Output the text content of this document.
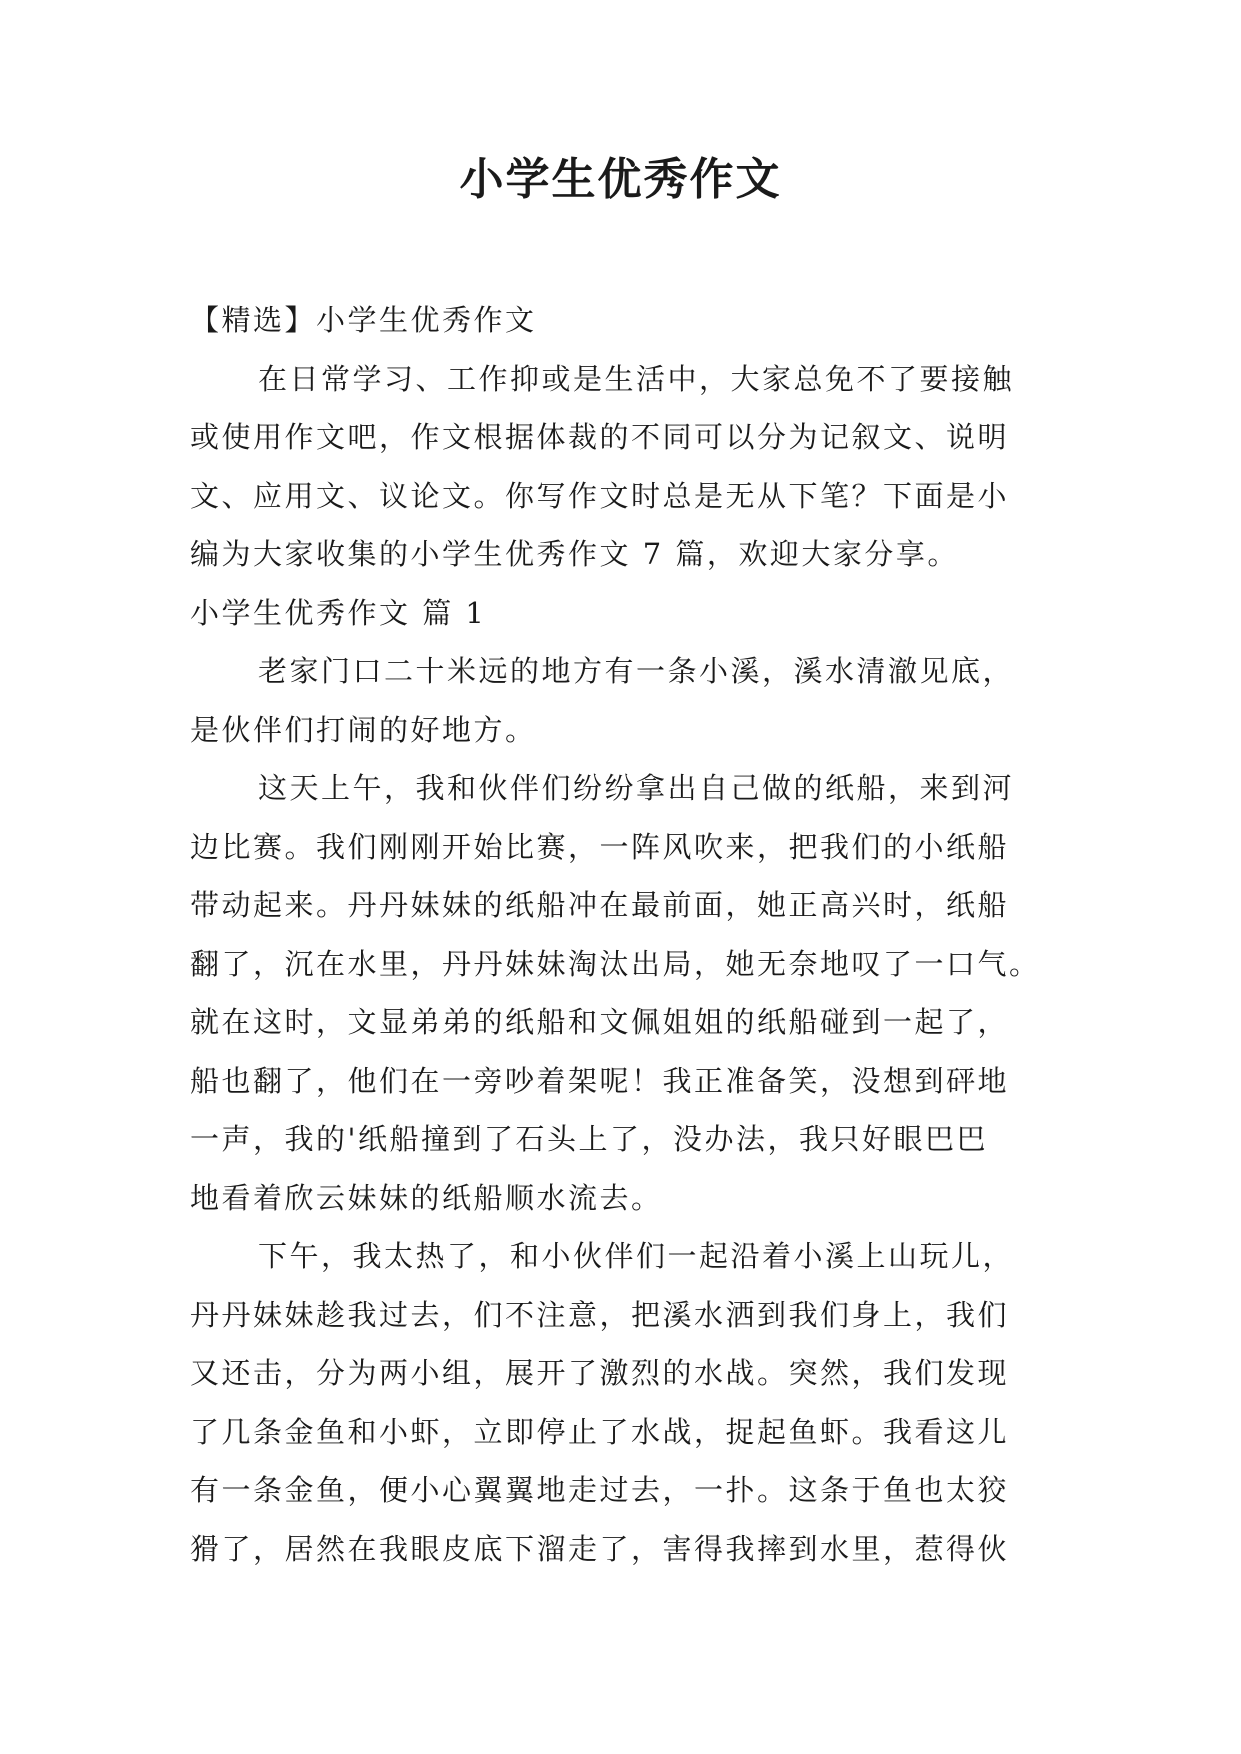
小学生优秀作文
【精选】小学生优秀作文
在日常学习、工作抑或是生活中，大家总免不了要接触
或使用作文吧，作文根据体裁的不同可以分为记叙文、说明
文、应用文、议论文。你写作文时总是无从下笔？下面是小
编为大家收集的小学生优秀作文 7 篇，欢迎大家分享。
小学生优秀作文 篇 1
老家门口二十米远的地方有一条小溪，溪水清澈见底，
是伙伴们打闹的好地方。
这天上午，我和伙伴们纷纷拿出自己做的纸船，来到河
边比赛。我们刚刚开始比赛，一阵风吹来，把我们的小纸船
带动起来。丹丹妹妹的纸船冲在最前面，她正高兴时，纸船
翻了，沉在水里，丹丹妹妹淘汰出局，她无奈地叹了一口气。
就在这时，文显弟弟的纸船和文佩姐姐的纸船碰到一起了，
船也翻了，他们在一旁吵着架呢！我正准备笑，没想到砰地
一声，我的'纸船撞到了石头上了，没办法，我只好眼巴巴
地看着欣云妹妹的纸船顺水流去。
下午，我太热了，和小伙伴们一起沿着小溪上山玩儿，
丹丹妹妹趁我过去，们不注意，把溪水洒到我们身上，我们
又还击，分为两小组，展开了激烈的水战。突然，我们发现
了几条金鱼和小虾，立即停止了水战，捉起鱼虾。我看这儿
有一条金鱼，便小心翼翼地走过去，一扑。这条于鱼也太狡
猾了，居然在我眼皮底下溜走了，害得我摔到水里，惹得伙
